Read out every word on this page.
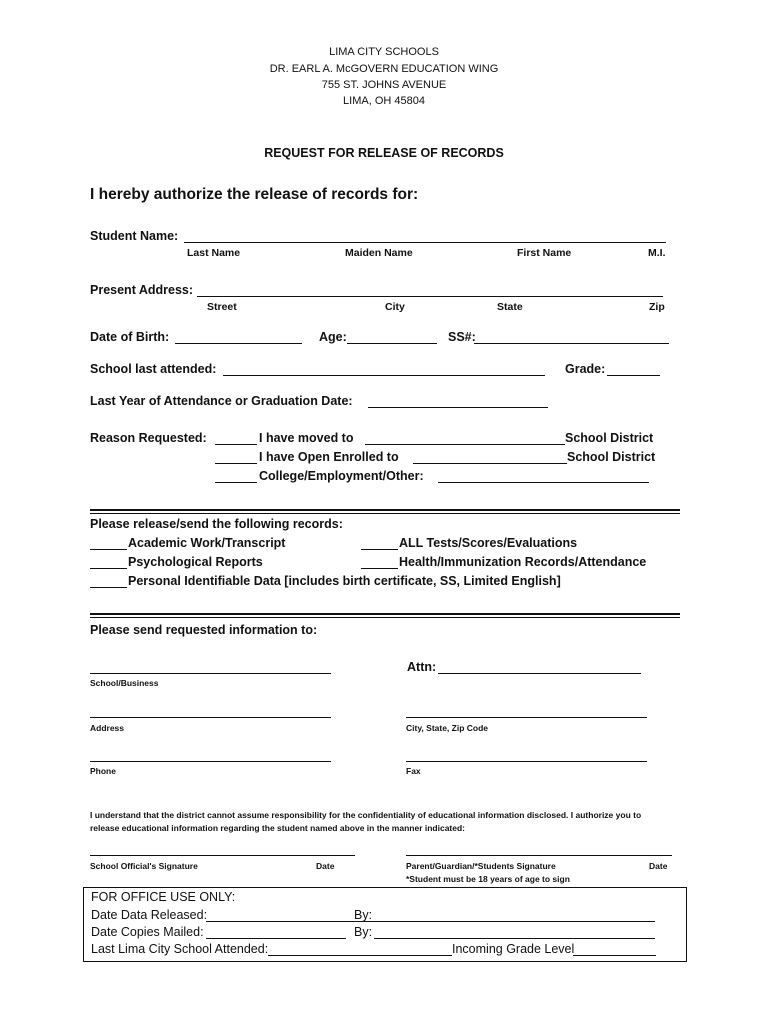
LIMA CITY SCHOOLS
DR. EARL A. McGOVERN EDUCATION WING
755 ST. JOHNS AVENUE
LIMA, OH 45804
REQUEST FOR RELEASE OF RECORDS
I hereby authorize the release of records for:
Student Name:
Last Name	Maiden Name	First Name	M.I.
Present Address:
Street	City	State	Zip
Date of Birth:	Age:	SS#:
School last attended:	Grade:
Last Year of Attendance or Graduation Date:
Reason Requested:	I have moved to	School District
I have Open Enrolled to	School District
College/Employment/Other:
Please release/send the following records:
Academic Work/Transcript	ALL Tests/Scores/Evaluations
Psychological Reports	Health/Immunization Records/Attendance
Personal Identifiable Data [includes birth certificate, SS, Limited English]
Please send requested information to:
School/Business
Attn:
Address	City, State, Zip Code
Phone	Fax
I understand that the district cannot assume responsibility for the confidentiality of educational information disclosed. I authorize you to
release educational information regarding the student named above in the manner indicated:
School Official's Signature	Date	Parent/Guardian/*Students Signature	Date
*Student must be 18 years of age to sign
FOR OFFICE USE ONLY:
Date Data Released:	By:
Date Copies Mailed:	By:
Last Lima City School Attended:	Incoming Grade Level
